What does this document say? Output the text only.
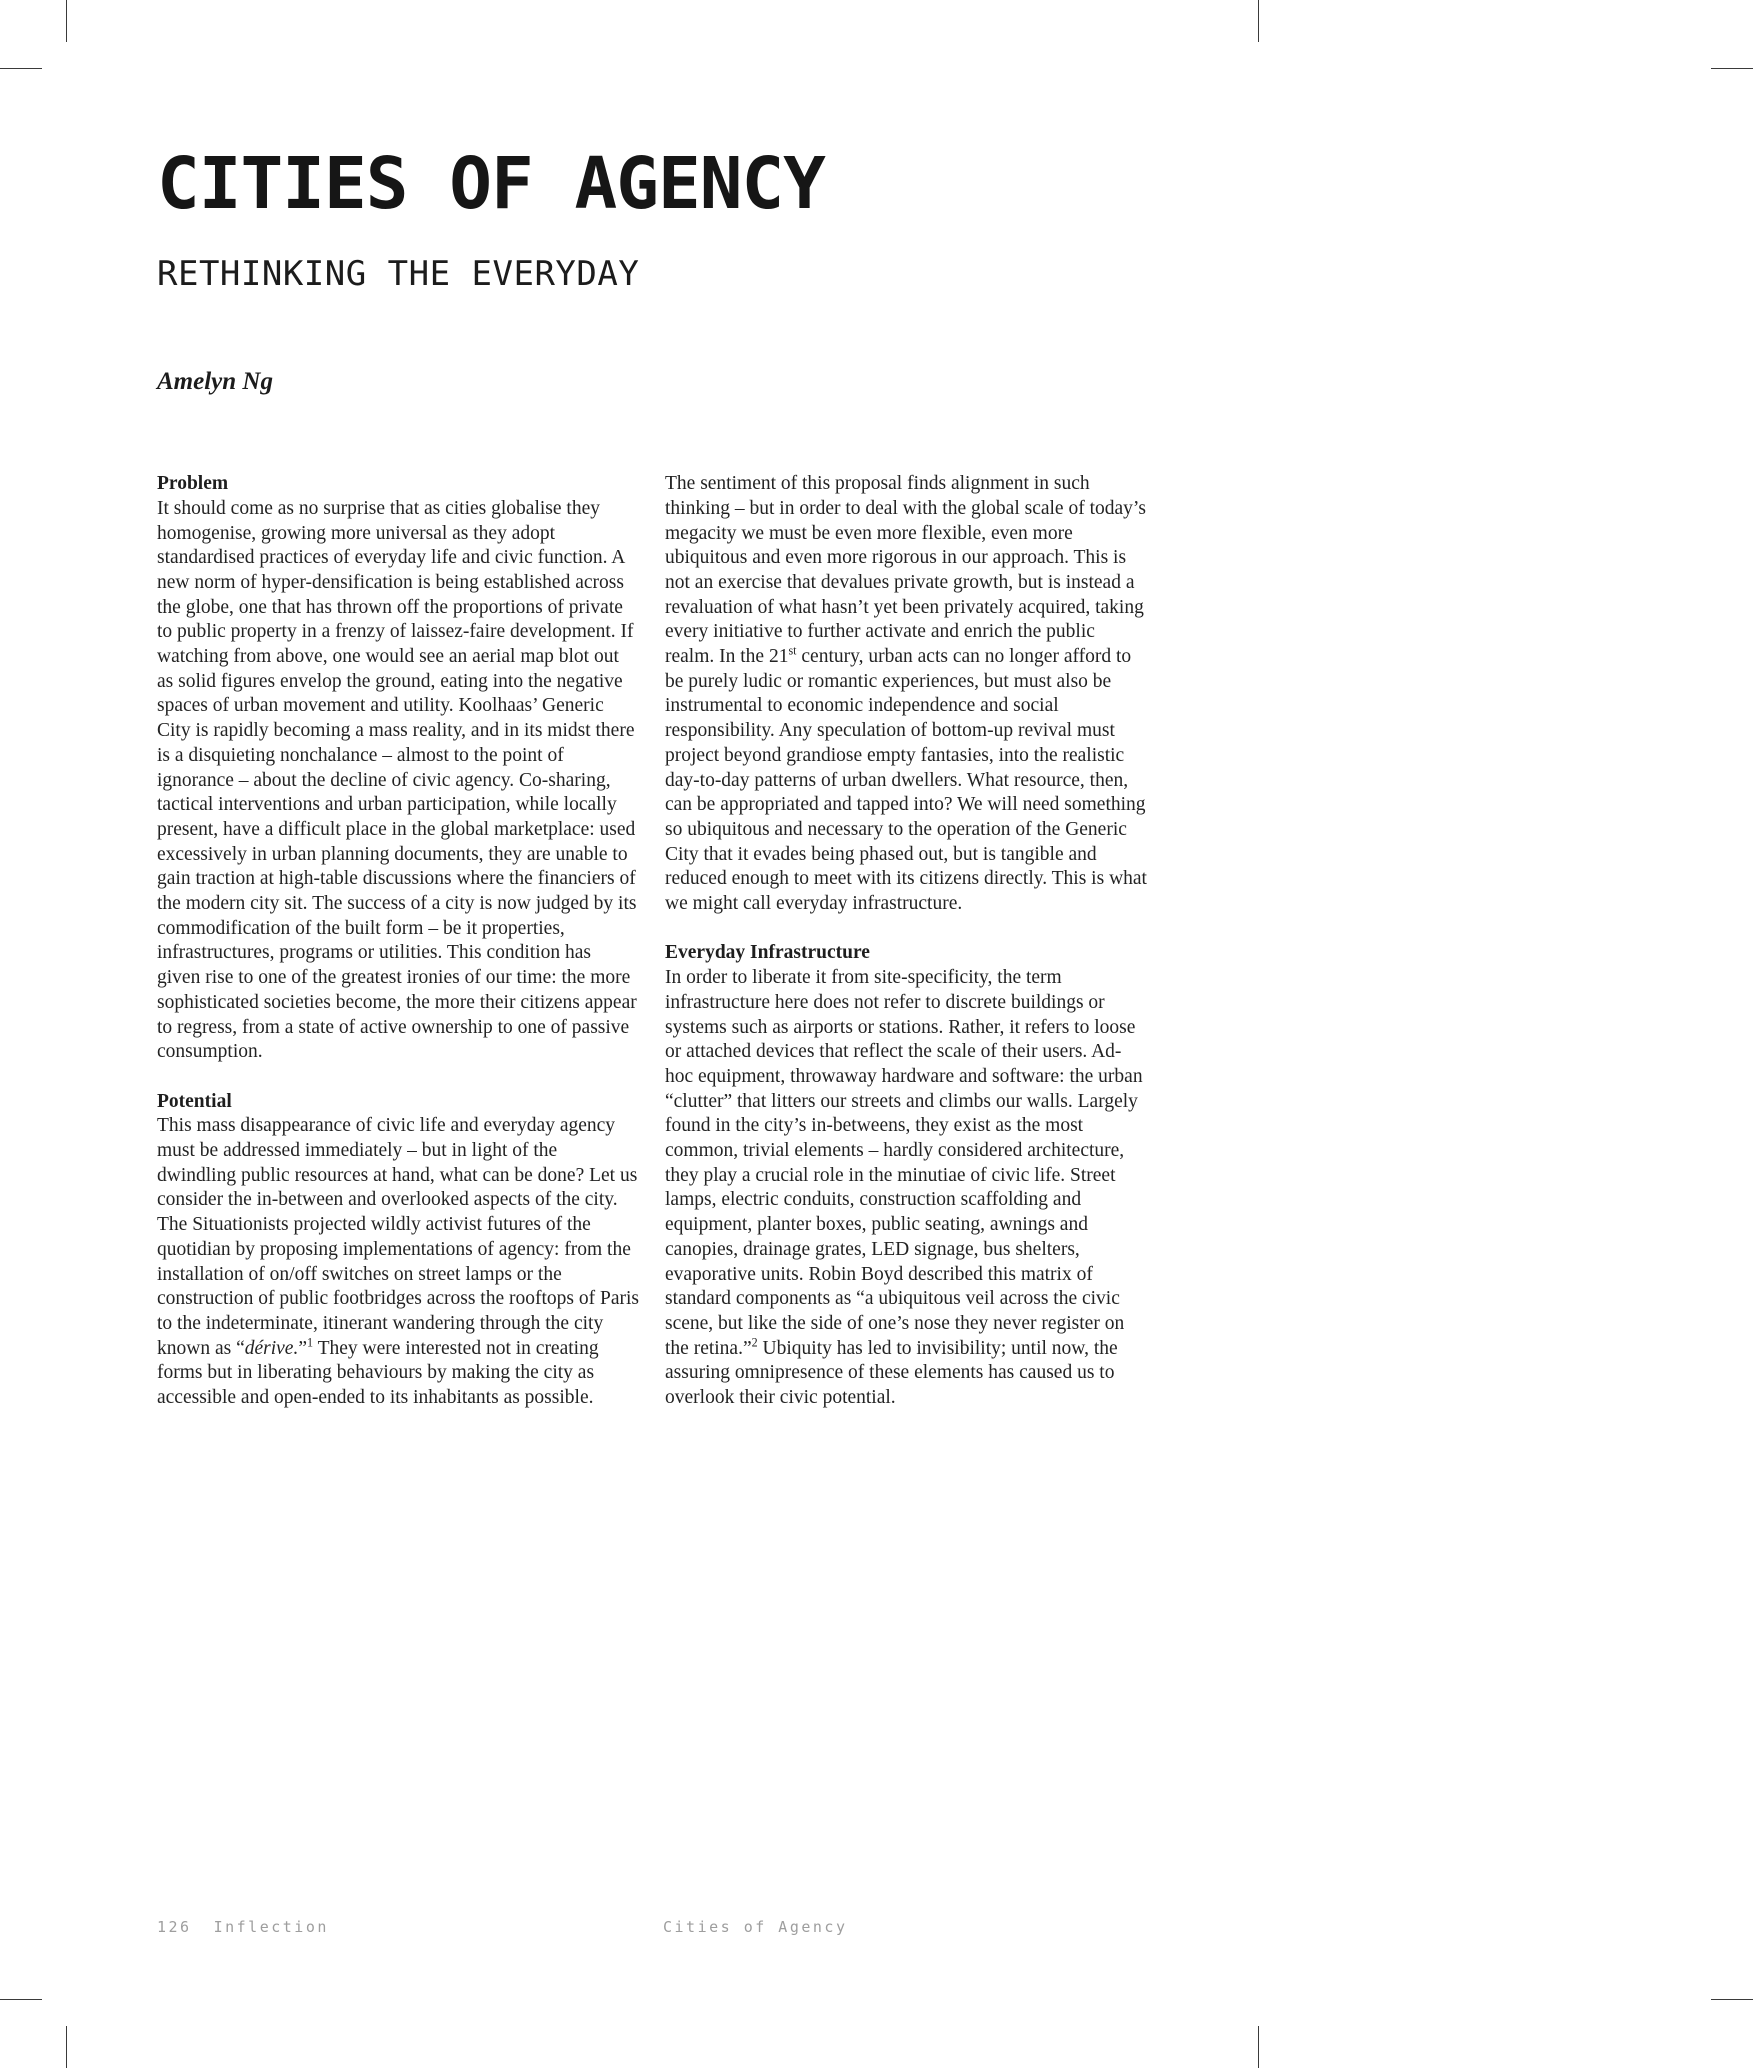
CITIES OF AGENCY
RETHINKING THE EVERYDAY
Amelyn Ng
Problem

It should come as no surprise that as cities globalise they homogenise, growing more universal as they adopt standardised practices of everyday life and civic function. A new norm of hyper-densification is being established across the globe, one that has thrown off the proportions of private to public property in a frenzy of laissez-faire development. If watching from above, one would see an aerial map blot out as solid figures envelop the ground, eating into the negative spaces of urban movement and utility. Koolhaas’ Generic City is rapidly becoming a mass reality, and in its midst there is a disquieting nonchalance – almost to the point of ignorance – about the decline of civic agency. Co-sharing, tactical interventions and urban participation, while locally present, have a difficult place in the global marketplace: used excessively in urban planning documents, they are unable to gain traction at high-table discussions where the financiers of the modern city sit. The success of a city is now judged by its commodification of the built form – be it properties, infrastructures, programs or utilities. This condition has given rise to one of the greatest ironies of our time: the more sophisticated societies become, the more their citizens appear to regress, from a state of active ownership to one of passive consumption.

Potential

This mass disappearance of civic life and everyday agency must be addressed immediately – but in light of the dwindling public resources at hand, what can be done? Let us consider the in-between and overlooked aspects of the city. The Situationists projected wildly activist futures of the quotidian by proposing implementations of agency: from the installation of on/off switches on street lamps or the construction of public footbridges across the rooftops of Paris to the indeterminate, itinerant wandering through the city known as “dérive.”$^1$ They were interested not in creating forms but in liberating behaviours by making the city as accessible and open-ended to its inhabitants as possible.

The sentiment of this proposal finds alignment in such thinking – but in order to deal with the global scale of today’s megacity we must be even more flexible, even more ubiquitous and even more rigorous in our approach. This is not an exercise that devalues private growth, but is instead a revaluation of what hasn’t yet been privately acquired, taking every initiative to further activate and enrich the public realm. In the 21st century, urban acts can no longer afford to be purely ludic or romantic experiences, but must also be instrumental to economic independence and social responsibility. Any speculation of bottom-up revival must project beyond grandiose empty fantasies, into the realistic day-to-day patterns of urban dwellers. What resource, then, can be appropriated and tapped into? We will need something so ubiquitous and necessary to the operation of the Generic City that it evades being phased out, but is tangible and reduced enough to meet with its citizens directly. This is what we might call everyday infrastructure.

Everyday Infrastructure

In order to liberate it from site-specificity, the term infrastructure here does not refer to discrete buildings or systems such as airports or stations. Rather, it refers to loose or attached devices that reflect the scale of their users. Ad-hoc equipment, throwaway hardware and software: the urban “clutter” that litters our streets and climbs our walls. Largely found in the city’s in-betweens, they exist as the most common, trivial elements – hardly considered architecture, they play a crucial role in the minutiae of civic life. Street lamps, electric conduits, construction scaffolding and equipment, planter boxes, public seating, awnings and canopies, drainage grates, LED signage, bus shelters, evaporative units. Robin Boyd described this matrix of standard components as “a ubiquitous veil across the civic scene, but like the side of one’s nose they never register on the retina.”$^2$ Ubiquity has led to invisibility; until now, the assuring omnipresence of these elements has caused us to overlook their civic potential.

126 Inflection	Cities of Agency
